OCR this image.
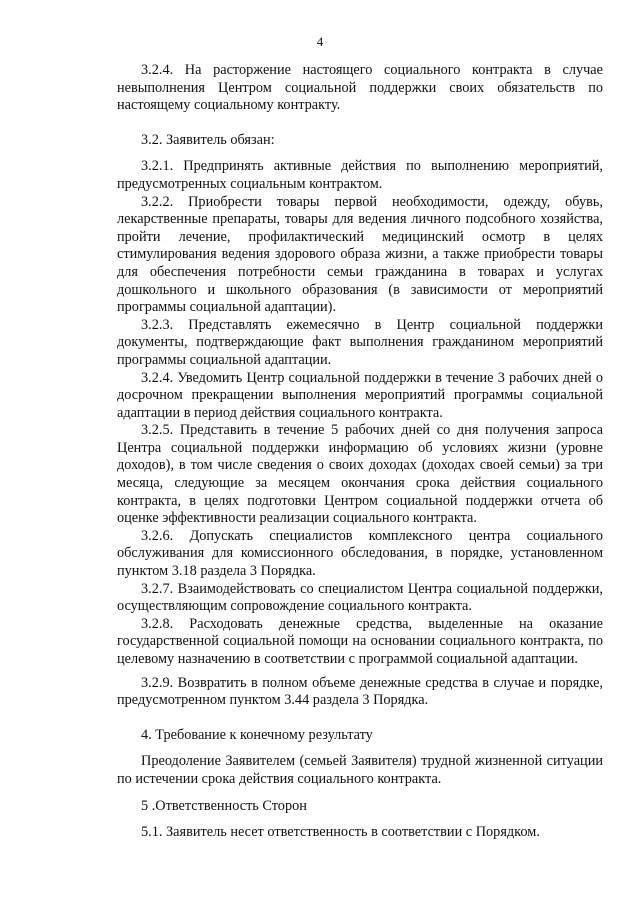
4

3.2.4. На расторжение настоящего социального контракта в случае невыполнения Центром социальной поддержки своих обязательств по настоящему социальному контракту.

3.2. Заявитель обязан:

3.2.1. Предпринять активные действия по выполнению мероприятий, предусмотренных социальным контрактом.

3.2.2. Приобрести товары первой необходимости, одежду, обувь, лекарственные препараты, товары для ведения личного подсобного хозяйства, пройти лечение, профилактический медицинский осмотр в целях стимулирования ведения здорового образа жизни, а также приобрести товары для обеспечения потребности семьи гражданина в товарах и услугах дошкольного и школьного образования (в зависимости от мероприятий программы социальной адаптации).

3.2.3. Представлять ежемесячно в Центр социальной поддержки документы, подтверждающие факт выполнения гражданином мероприятий программы социальной адаптации.

3.2.4. Уведомить Центр социальной поддержки в течение 3 рабочих дней о досрочном прекращении выполнения мероприятий программы социальной адаптации в период действия социального контракта.

3.2.5. Представить в течение 5 рабочих дней со дня получения запроса Центра социальной поддержки информацию об условиях жизни (уровне доходов), в том числе сведения о своих доходах (доходах своей семьи) за три месяца, следующие за месяцем окончания срока действия социального контракта, в целях подготовки Центром социальной поддержки отчета об оценке эффективности реализации социального контракта.

3.2.6. Допускать специалистов комплексного центра социального обслуживания для комиссионного обследования, в порядке, установленном пунктом 3.18 раздела 3 Порядка.

3.2.7. Взаимодействовать со специалистом Центра социальной поддержки, осуществляющим сопровождение социального контракта.

3.2.8. Расходовать денежные средства, выделенные на оказание государственной социальной помощи на основании социального контракта, по целевому назначению в соответствии с программой социальной адаптации.

3.2.9. Возвратить в полном объеме денежные средства в случае и порядке, предусмотренном пунктом 3.44 раздела 3 Порядка.

4. Требование к конечному результату

Преодоление Заявителем (семьей Заявителя) трудной жизненной ситуации по истечении срока действия социального контракта.

5 .Ответственность Сторон

5.1. Заявитель несет ответственность в соответствии с Порядком.
